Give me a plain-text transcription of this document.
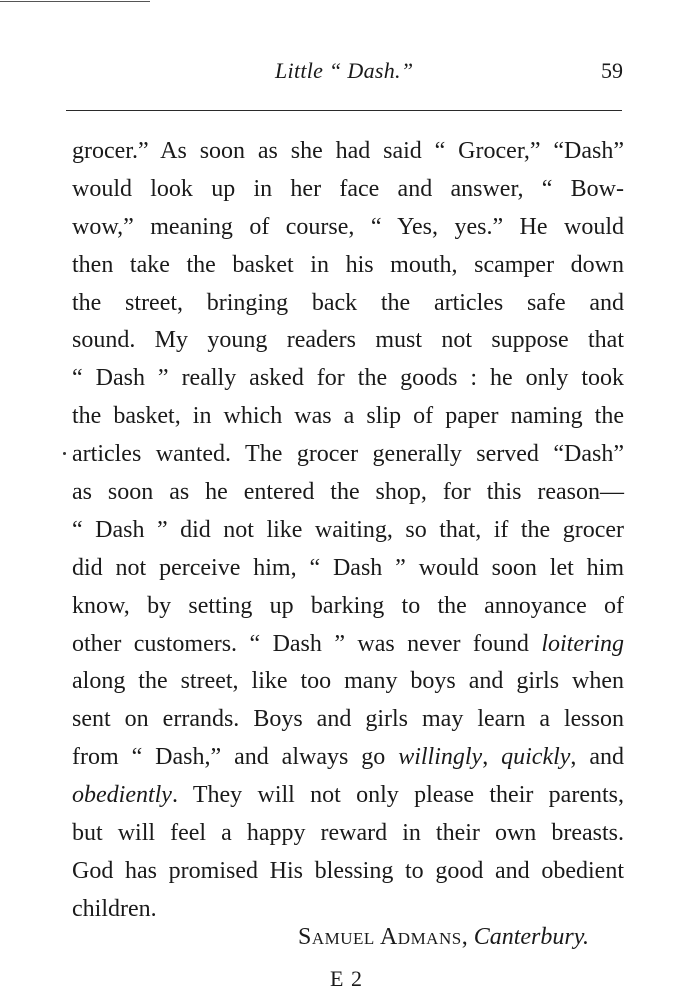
Little “ Dash.”	59
grocer.” As soon as she had said “ Grocer,” “Dash”
would look up in her face and answer, “ Bow-
wow,” meaning of course, “ Yes, yes.” He would
then take the basket in his mouth, scamper down
the street, bringing back the articles safe and
sound. My young readers must not suppose that
“ Dash ” really asked for the goods : he only took
the basket, in which was a slip of paper naming the
articles wanted. The grocer generally served “Dash”
as soon as he entered the shop, for this reason—
“ Dash ” did not like waiting, so that, if the grocer
did not perceive him, “ Dash ” would soon let him
know, by setting up barking to the annoyance of
other customers. “ Dash ” was never found loitering
along the street, like too many boys and girls when
sent on errands. Boys and girls may learn a lesson
from “ Dash,” and always go willingly, quickly, and
obediently. They will not only please their parents,
but will feel a happy reward in their own breasts.
God has promised His blessing to good and obedient
children.
Samuel Admans, Canterbury.
E 2
